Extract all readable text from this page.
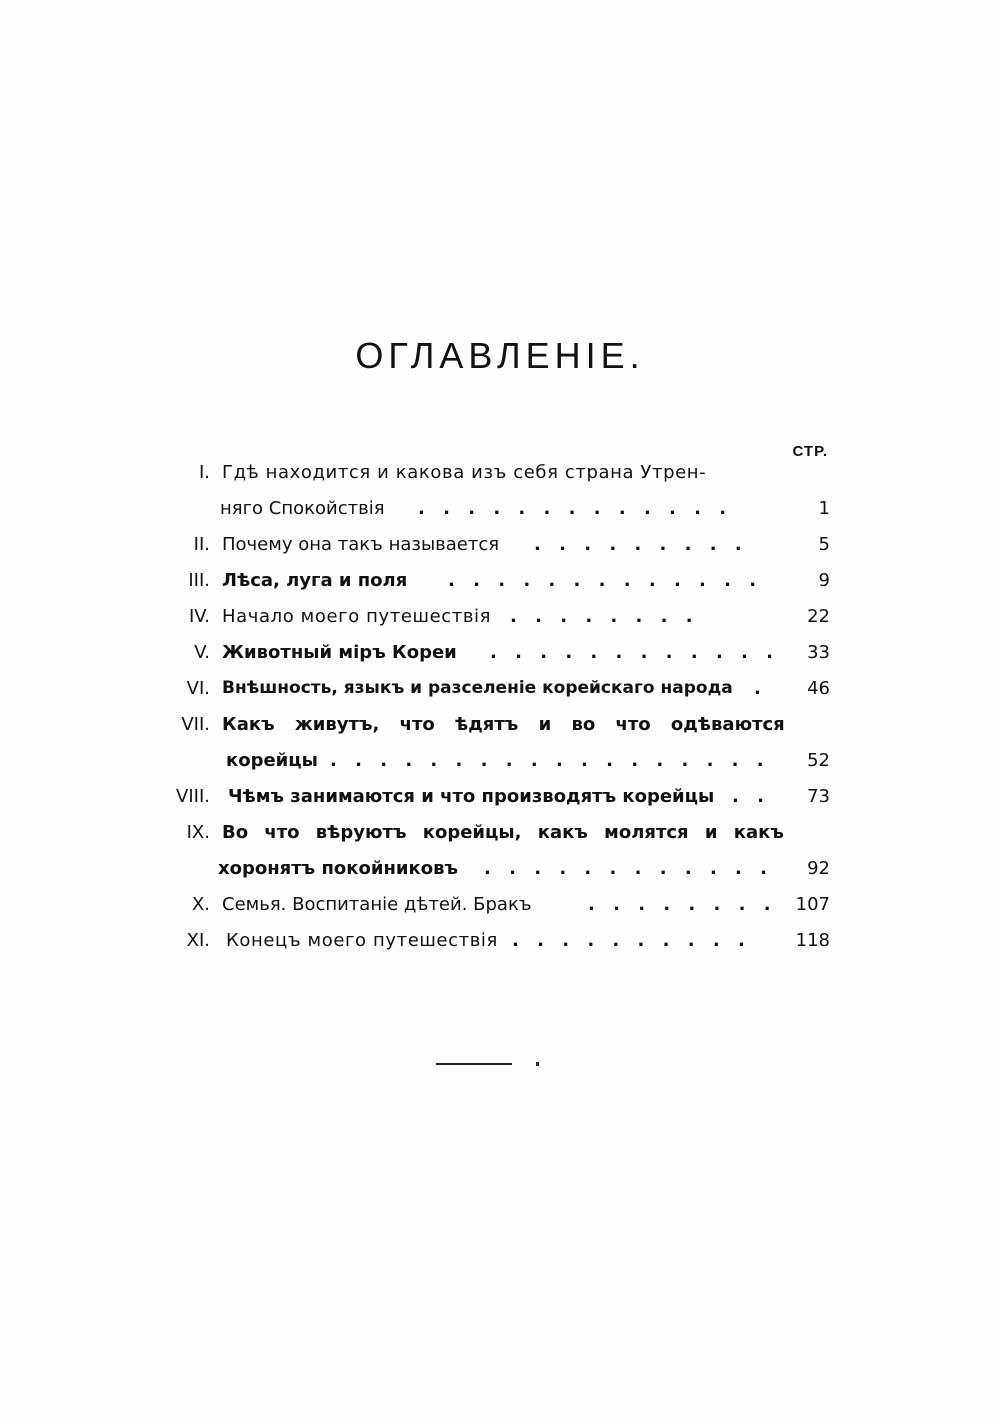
ОГЛАВЛЕНІЕ.
СТР.
I. Гдѣ находится и какова изъ себя страна Утрен-
няго Спокойствія . . . . . . . . . . . . .	1
II. Почему она такъ называется . . . . . . . . .	5
III. Лѣса, луга и поля . . . . . . . . . . . . .	9
IV. Начало моего путешествія . . . . . . . .	22
V. Животный міръ Кореи . . . . . . . . . . . . 33
VI. Внѣшность, языкъ и разселеніе корейскаго народа . 46
VII. Какъ живутъ, что ѣдятъ и во что одѣваются
корейцы . . . . . . . . . . . . . . . . . . 52
VIII. Чѣмъ занимаются и что производятъ корейцы . . 73
IX. Во что вѣруютъ корейцы, какъ молятся и какъ
хоронятъ покойниковъ . . . . . . . . . . . . 92
X. Семья. Воспитаніе дѣтей. Бракъ	. . . . . . . . 107
XI. Конецъ моего путешествія . . . . . . . . . . 118
